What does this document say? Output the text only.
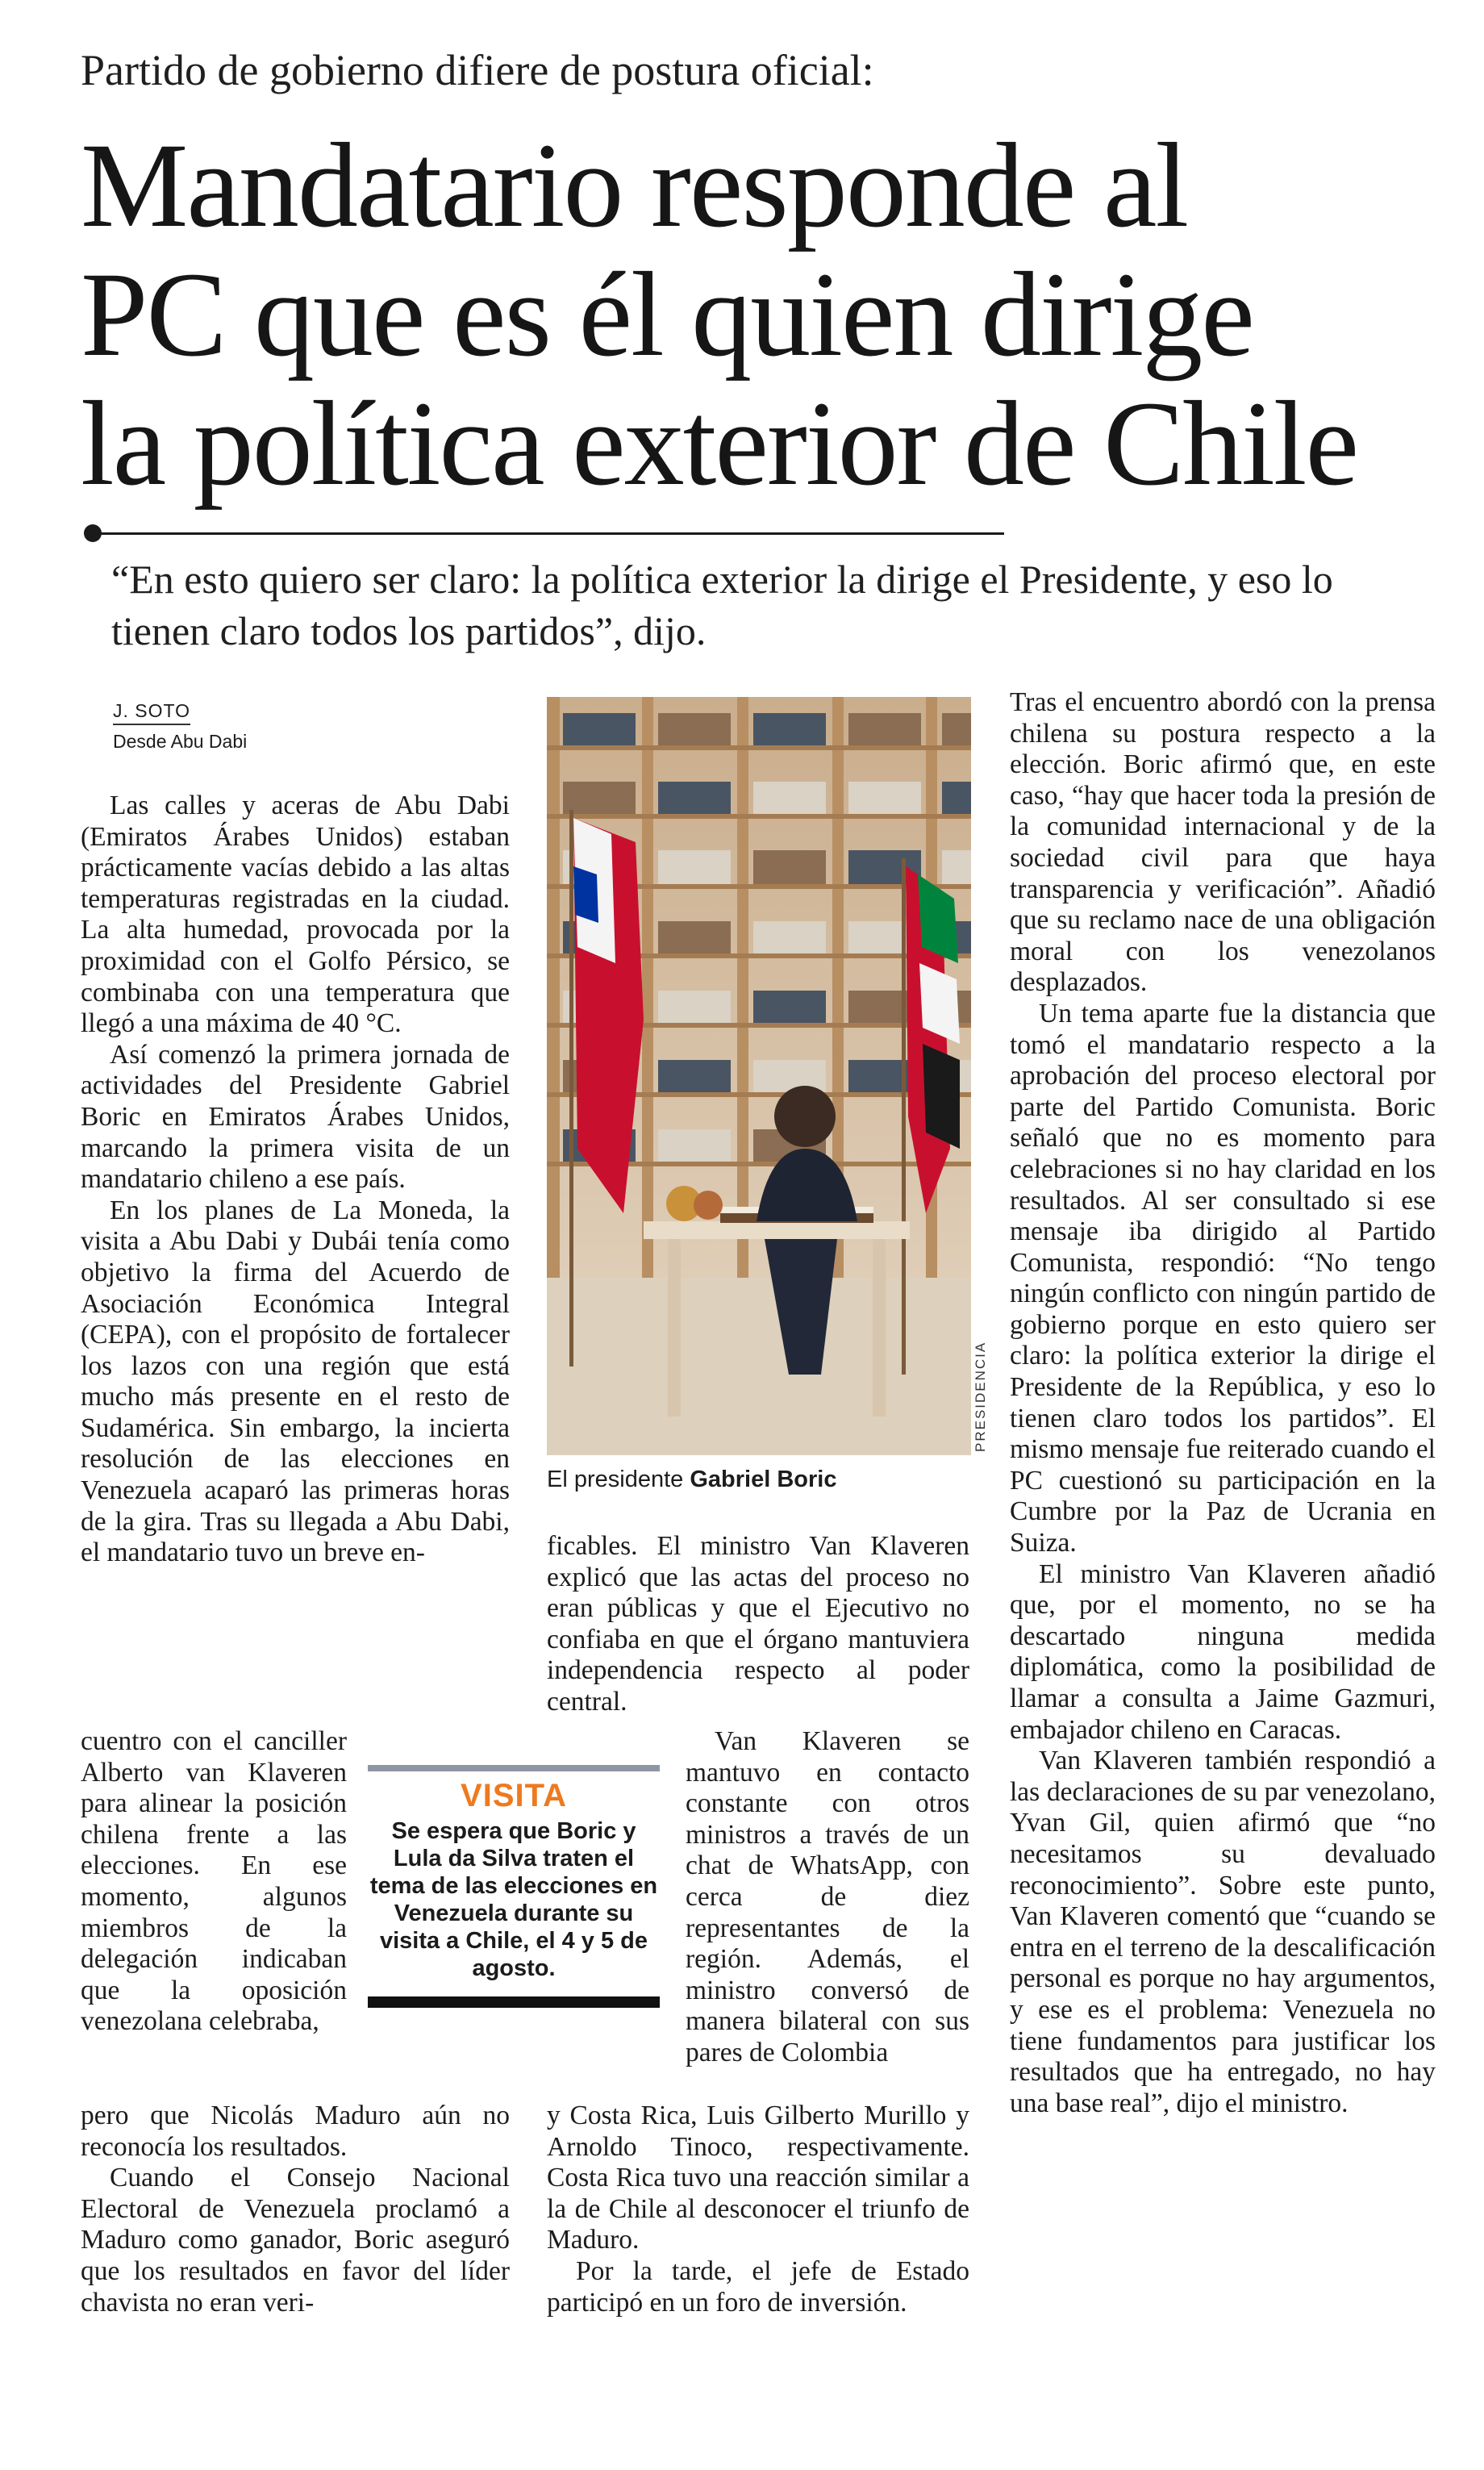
Partido de gobierno difiere de postura oficial:
Mandatario responde al
PC que es él quien dirige
la política exterior de Chile
“En esto quiero ser claro: la política exterior la dirige el Presidente, y eso lo tienen claro todos los partidos”, dijo.
J. SOTO
Desde Abu Dabi

Las calles y aceras de Abu Dabi (Emiratos Árabes Unidos) estaban prácticamente vacías debido a las altas temperaturas registradas en la ciudad. La alta humedad, provocada por la proximidad con el Golfo Pérsico, se combinaba con una temperatura que llegó a una máxima de 40 °C.

Así comenzó la primera jornada de actividades del Presidente Gabriel Boric en Emiratos Árabes Unidos, marcando la primera visita de un mandatario chileno a ese país.

En los planes de La Moneda, la visita a Abu Dabi y Dubái tenía como objetivo la firma del Acuerdo de Asociación Económica Integral (CEPA), con el propósito de fortalecer los lazos con una región que está mucho más presente en el resto de Sudamérica. Sin embargo, la incierta resolución de las elecciones en Venezuela acaparó las primeras horas de la gira. Tras su llegada a Abu Dabi, el mandatario tuvo un breve en-

cuentro con el canciller Alberto van Klaveren para alinear la posición chilena frente a las elecciones. En ese momento, algunos miembros de la delegación indicaban que la oposición venezolana celebraba,

pero que Nicolás Maduro aún no reconocía los resultados.

Cuando el Consejo Nacional Electoral de Venezuela proclamó a Maduro como ganador, Boric aseguró que los resultados en favor del líder chavista no eran veri-

PRESIDENCIA
El presidente Gabriel Boric

ficables. El ministro Van Klaveren explicó que las actas del proceso no eran públicas y que el Ejecutivo no confiaba en que el órgano mantuviera independencia respecto al poder central.

Van Klaveren se mantuvo en contacto constante con otros ministros a través de un chat de WhatsApp, con cerca de diez representantes de la región. Además, el ministro conversó de manera bilateral con sus pares de Colombia

y Costa Rica, Luis Gilberto Murillo y Arnoldo Tinoco, respectivamente. Costa Rica tuvo una reacción similar a la de Chile al desconocer el triunfo de Maduro.

Por la tarde, el jefe de Estado participó en un foro de inversión.

VISITA
Se espera que Boric y Lula da Silva traten el tema de las elecciones en Venezuela durante su visita a Chile, el 4 y 5 de agosto.

Tras el encuentro abordó con la prensa chilena su postura respecto a la elección. Boric afirmó que, en este caso, “hay que hacer toda la presión de la comunidad internacional y de la sociedad civil para que haya transparencia y verificación”. Añadió que su reclamo nace de una obligación moral con los venezolanos desplazados.

Un tema aparte fue la distancia que tomó el mandatario respecto a la aprobación del proceso electoral por parte del Partido Comunista. Boric señaló que no es momento para celebraciones si no hay claridad en los resultados. Al ser consultado si ese mensaje iba dirigido al Partido Comunista, respondió: “No tengo ningún conflicto con ningún partido de gobierno porque en esto quiero ser claro: la política exterior la dirige el Presidente de la República, y eso lo tienen claro todos los partidos”. El mismo mensaje fue reiterado cuando el PC cuestionó su participación en la Cumbre por la Paz de Ucrania en Suiza.

El ministro Van Klaveren añadió que, por el momento, no se ha descartado ninguna medida diplomática, como la posibilidad de llamar a consulta a Jaime Gazmuri, embajador chileno en Caracas.

Van Klaveren también respondió a las declaraciones de su par venezolano, Yvan Gil, quien afirmó que “no necesitamos su devaluado reconocimiento”. Sobre este punto, Van Klaveren comentó que “cuando se entra en el terreno de la descalificación personal es porque no hay argumentos, y ese es el problema: Venezuela no tiene fundamentos para justificar los resultados que ha entregado, no hay una base real”, dijo el ministro.
